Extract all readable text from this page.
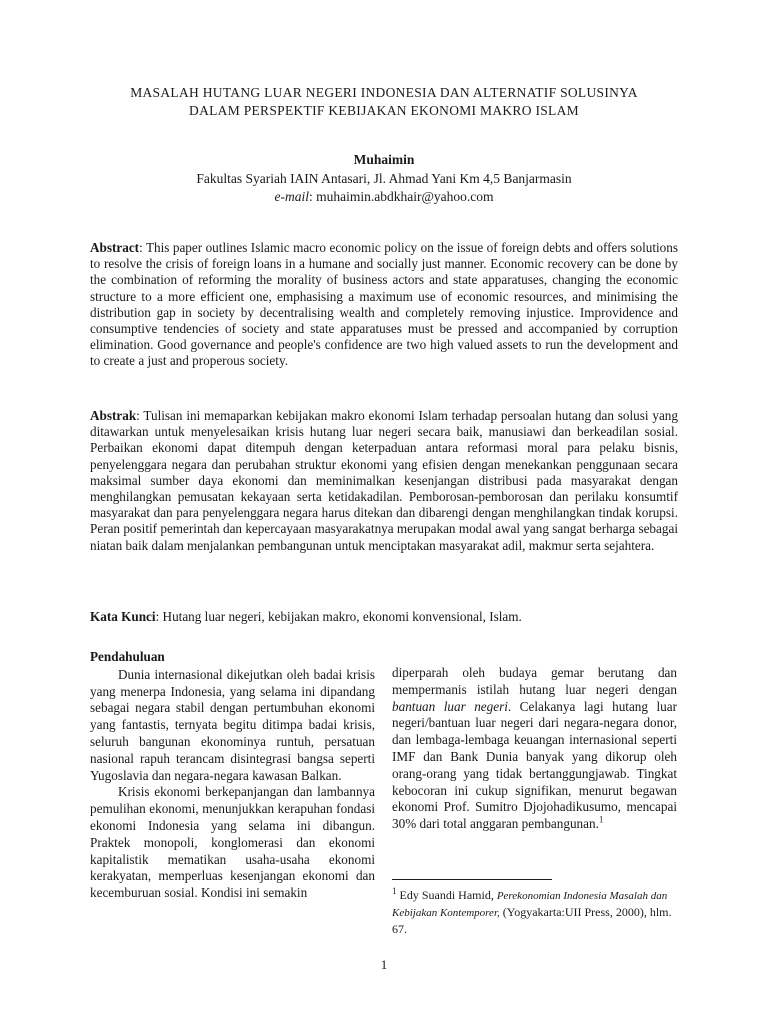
MASALAH HUTANG LUAR NEGERI INDONESIA DAN ALTERNATIF SOLUSINYA
DALAM PERSPEKTIF KEBIJAKAN EKONOMI MAKRO ISLAM
Muhaimin
Fakultas Syariah IAIN Antasari, Jl. Ahmad Yani Km 4,5 Banjarmasin
e-mail: muhaimin.abdkhair@yahoo.com
Abstract: This paper outlines Islamic macro economic policy on the issue of foreign debts and offers solutions to resolve the crisis of foreign loans in a humane and socially just manner. Economic recovery can be done by the combination of reforming the morality of business actors and state apparatuses, changing the economic structure to a more efficient one, emphasising a maximum use of economic resources, and minimising the distribution gap in society by decentralising wealth and completely removing injustice. Improvidence and consumptive tendencies of society and state apparatuses must be pressed and accompanied by corruption elimination. Good governance and people's confidence are two high valued assets to run the development and to create a just and properous society.
Abstrak: Tulisan ini memaparkan kebijakan makro ekonomi Islam terhadap persoalan hutang dan solusi yang ditawarkan untuk menyelesaikan krisis hutang luar negeri secara baik, manusiawi dan berkeadilan sosial. Perbaikan ekonomi dapat ditempuh dengan keterpaduan antara reformasi moral para pelaku bisnis, penyelenggara negara dan perubahan struktur ekonomi yang efisien dengan menekankan penggunaan secara maksimal sumber daya ekonomi dan meminimalkan kesenjangan distribusi pada masyarakat dengan menghilangkan pemusatan kekayaan serta ketidakadilan. Pemborosan-pemborosan dan perilaku konsumtif masyarakat dan para penyelenggara negara harus ditekan dan dibarengi dengan menghilangkan tindak korupsi. Peran positif pemerintah dan kepercayaan masyarakatnya merupakan modal awal yang sangat berharga sebagai niatan baik dalam menjalankan pembangunan untuk menciptakan masyarakat adil, makmur serta sejahtera.
Kata Kunci: Hutang luar negeri, kebijakan makro, ekonomi konvensional, Islam.
Pendahuluan

Dunia internasional dikejutkan oleh badai krisis yang menerpa Indonesia, yang selama ini dipandang sebagai negara stabil dengan pertumbuhan ekonomi yang fantastis, ternyata begitu ditimpa badai krisis, seluruh bangunan ekonominya runtuh, persatuan nasional rapuh terancam disintegrasi bangsa seperti Yugoslavia dan negara-negara kawasan Balkan.

Krisis ekonomi berkepanjangan dan lambannya pemulihan ekonomi, menunjukkan kerapuhan fondasi ekonomi Indonesia yang selama ini dibangun. Praktek monopoli, konglomerasi dan ekonomi kapitalistik mematikan usaha-usaha ekonomi kerakyatan, memperluas kesenjangan ekonomi dan kecemburuan sosial. Kondisi ini semakin

diperparah oleh budaya gemar berutang dan mempermanis istilah hutang luar negeri dengan bantuan luar negeri. Celakanya lagi hutang luar negeri/bantuan luar negeri dari negara-negara donor, dan lembaga-lembaga keuangan internasional seperti IMF dan Bank Dunia banyak yang dikorup oleh orang-orang yang tidak bertanggungjawab. Tingkat kebocoran ini cukup signifikan, menurut begawan ekonomi Prof. Sumitro Djojohadikusumo, mencapai 30% dari total anggaran pembangunan.$^1$

$^1$ Edy Suandi Hamid, Perekonomian Indonesia Masalah dan Kebijakan Kontemporer, (Yogyakarta:UII Press, 2000), hlm. 67.
1
